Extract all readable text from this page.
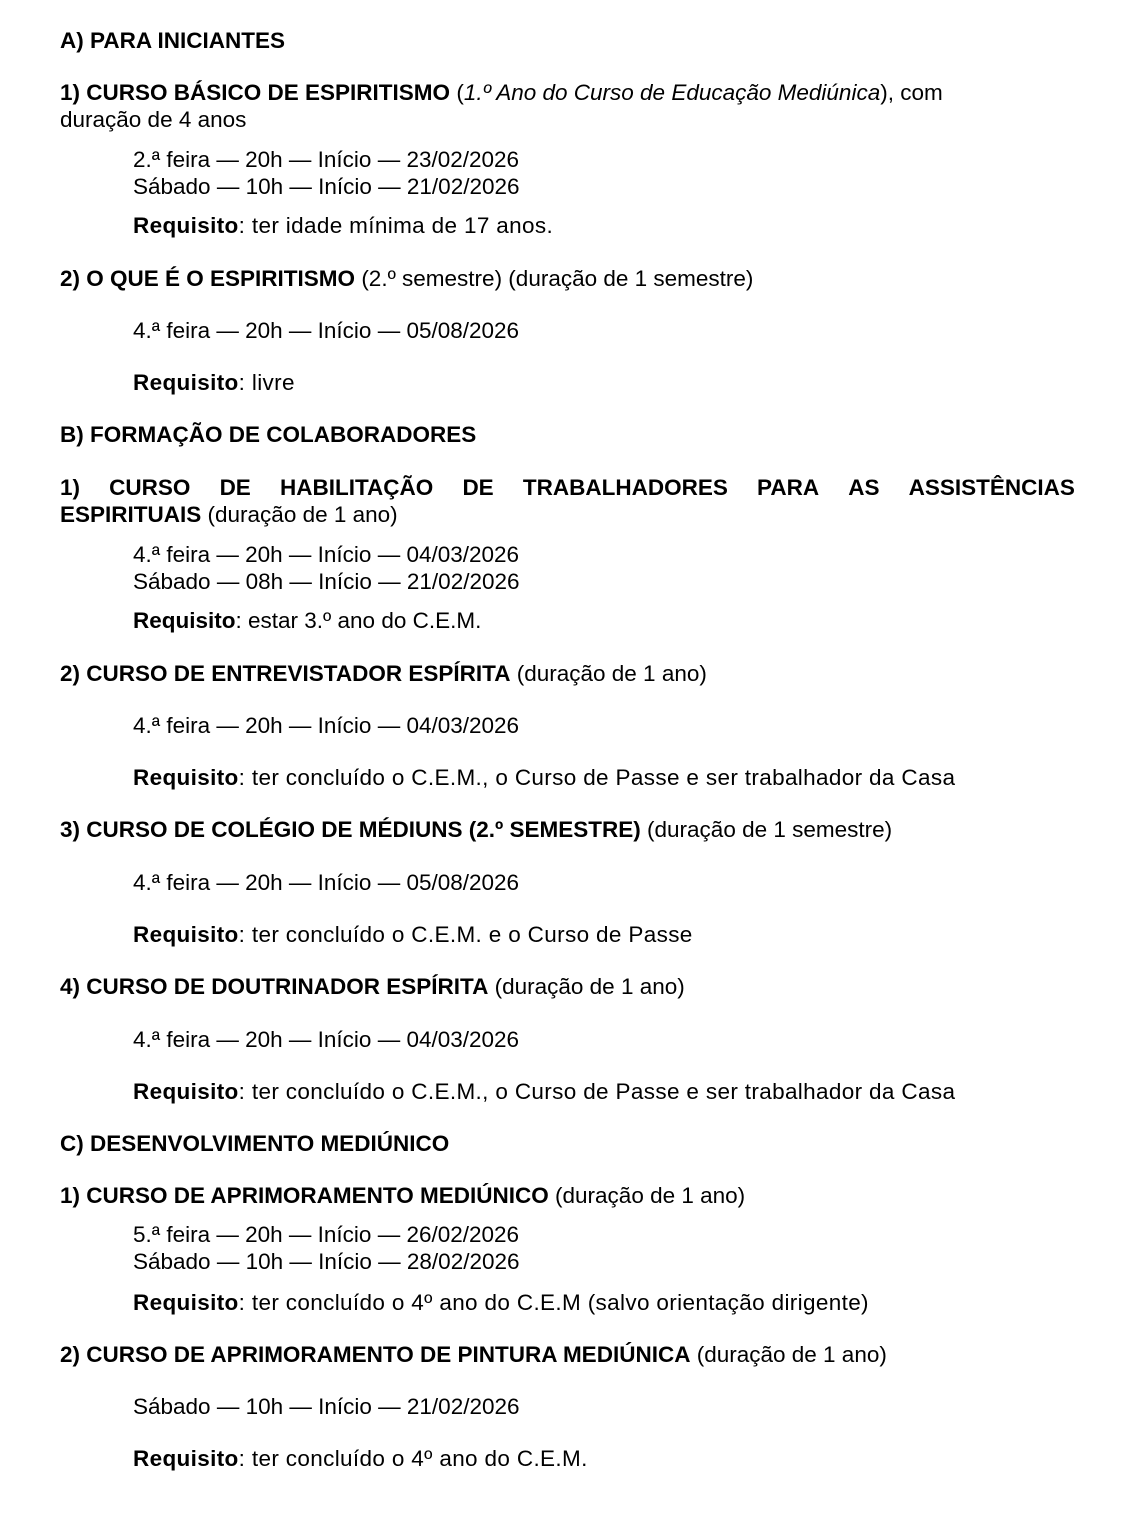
A) PARA INICIANTES
1) CURSO BÁSICO DE ESPIRITISMO (1.º Ano do Curso de Educação Mediúnica), com
duração de 4 anos
2.ª feira — 20h — Início — 23/02/2026
Sábado — 10h — Início — 21/02/2026
Requisito: ter idade mínima de 17 anos.
2) O QUE É O ESPIRITISMO (2.º semestre) (duração de 1 semestre)
4.ª feira — 20h — Início — 05/08/2026
Requisito: livre
B) FORMAÇÃO DE COLABORADORES
1) CURSO DE HABILITAÇÃO DE TRABALHADORES PARA AS ASSISTÊNCIAS
ESPIRITUAIS (duração de 1 ano)
4.ª feira — 20h — Início — 04/03/2026
Sábado — 08h — Início — 21/02/2026
Requisito: estar 3.º ano do C.E.M.
2) CURSO DE ENTREVISTADOR ESPÍRITA (duração de 1 ano)
4.ª feira — 20h — Início — 04/03/2026
Requisito: ter concluído o C.E.M., o Curso de Passe e ser trabalhador da Casa
3) CURSO DE COLÉGIO DE MÉDIUNS (2.º SEMESTRE) (duração de 1 semestre)
4.ª feira — 20h — Início — 05/08/2026
Requisito: ter concluído o C.E.M. e o Curso de Passe
4) CURSO DE DOUTRINADOR ESPÍRITA (duração de 1 ano)
4.ª feira — 20h — Início — 04/03/2026
Requisito: ter concluído o C.E.M., o Curso de Passe e ser trabalhador da Casa
C) DESENVOLVIMENTO MEDIÚNICO
1) CURSO DE APRIMORAMENTO MEDIÚNICO (duração de 1 ano)
5.ª feira — 20h — Início — 26/02/2026
Sábado — 10h — Início — 28/02/2026
Requisito: ter concluído o 4º ano do C.E.M (salvo orientação dirigente)
2) CURSO DE APRIMORAMENTO DE PINTURA MEDIÚNICA (duração de 1 ano)
Sábado — 10h — Início — 21/02/2026
Requisito: ter concluído o 4º ano do C.E.M.
